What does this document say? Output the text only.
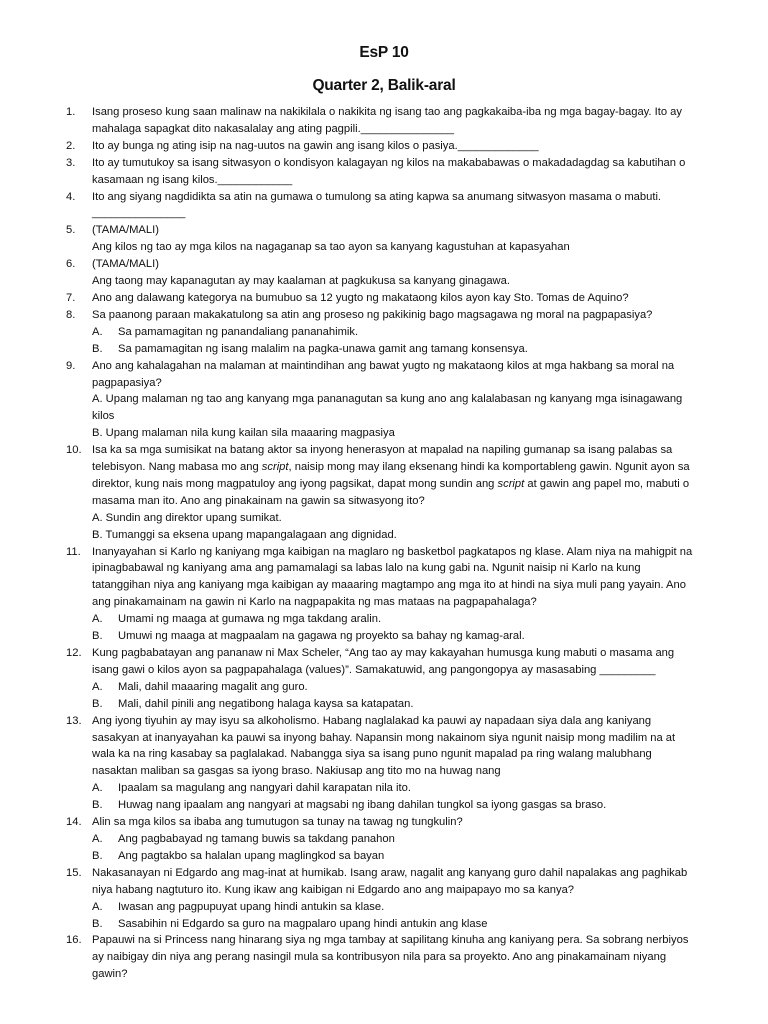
EsP 10
Quarter 2, Balik-aral
1. Isang proseso kung saan malinaw na nakikilala o nakikita ng isang tao ang pagkakaiba-iba ng mga bagay-bagay. Ito ay
mahalaga sapagkat dito nakasalalay ang ating pagpili._______________
2. Ito ay bunga ng ating isip na nag-uutos na gawin ang isang kilos o pasiya._____________
3. Ito ay tumutukoy sa isang sitwasyon o kondisyon kalagayan ng kilos na makababawas o makadadagdag sa kabutihan o
kasamaan ng isang kilos.____________
4. Ito ang siyang nagdidikta sa atin na gumawa o tumulong sa ating kapwa sa anumang sitwasyon masama o mabuti.
_______________
5. (TAMA/MALI)
Ang kilos ng tao ay mga kilos na nagaganap sa tao ayon sa kanyang kagustuhan at kapasyahan
6. (TAMA/MALI)
Ang taong may kapanagutan ay may kaalaman at pagkukusa sa kanyang ginagawa.
7. Ano ang dalawang kategorya na bumubuo sa 12 yugto ng makataong kilos ayon kay Sto. Tomas de Aquino?
8. Sa paanong paraan makakatulong sa atin ang proseso ng pakikinig bago magsagawa ng moral na pagpapasiya?
A. Sa pamamagitan ng panandaliang pananahimik.
B. Sa pamamagitan ng isang malalim na pagka-unawa gamit ang tamang konsensya.
9. Ano ang kahalagahan na malaman at maintindihan ang bawat yugto ng makataong kilos at mga hakbang sa moral na
pagpapasiya?
A. Upang malaman ng tao ang kanyang mga pananagutan sa kung ano ang kalalabasan ng kanyang mga isinagawang
kilos
B. Upang malaman nila kung kailan sila maaaring magpasiya
10. Isa ka sa mga sumisikat na batang aktor sa inyong henerasyon at mapalad na napiling gumanap sa isang palabas sa
telebisyon. Nang mabasa mo ang script, naisip mong may ilang eksenang hindi ka komportableng gawin. Ngunit ayon sa
direktor, kung nais mong magpatuloy ang iyong pagsikat, dapat mong sundin ang script at gawin ang papel mo, mabuti o
masama man ito. Ano ang pinakainam na gawin sa sitwasyong ito?
A. Sundin ang direktor upang sumikat.
B. Tumanggi sa eksena upang mapangalagaan ang dignidad.
11. Inanyayahan si Karlo ng kaniyang mga kaibigan na maglaro ng basketbol pagkatapos ng klase. Alam niya na mahigpit na
ipinagbabawal ng kaniyang ama ang pamamalagi sa labas lalo na kung gabi na. Ngunit naisip ni Karlo na kung
tatanggihan niya ang kaniyang mga kaibigan ay maaaring magtampo ang mga ito at hindi na siya muli pang yayain. Ano
ang pinakamainam na gawin ni Karlo na nagpapakita ng mas mataas na pagpapahalaga?
A. Umami ng maaga at gumawa ng mga takdang aralin.
B. Umuwi ng maaga at magpaalam na gagawa ng proyekto sa bahay ng kamag-aral.
12. Kung pagbabatayan ang pananaw ni Max Scheler, “Ang tao ay may kakayahan humusga kung mabuti o masama ang
isang gawi o kilos ayon sa pagpapahalaga (values)”. Samakatuwid, ang pangongopya ay masasabing _________
A. Mali, dahil maaaring magalit ang guro.
B. Mali, dahil pinili ang negatibong halaga kaysa sa katapatan.
13. Ang iyong tiyuhin ay may isyu sa alkoholismo. Habang naglalakad ka pauwi ay napadaan siya dala ang kaniyang
sasakyan at inanyayahan ka pauwi sa inyong bahay. Napansin mong nakainom siya ngunit naisip mong madilim na at
wala ka na ring kasabay sa paglalakad. Nabangga siya sa isang puno ngunit mapalad pa ring walang malubhang
nasaktan maliban sa gasgas sa iyong braso. Nakiusap ang tito mo na huwag nang
A. Ipaalam sa magulang ang nangyari dahil karapatan nila ito.
B. Huwag nang ipaalam ang nangyari at magsabi ng ibang dahilan tungkol sa iyong gasgas sa braso.
14. Alin sa mga kilos sa ibaba ang tumutugon sa tunay na tawag ng tungkulin?
A. Ang pagbabayad ng tamang buwis sa takdang panahon
B. Ang pagtakbo sa halalan upang maglingkod sa bayan
15. Nakasanayan ni Edgardo ang mag-inat at humikab. Isang araw, nagalit ang kanyang guro dahil napalakas ang paghikab
niya habang nagtuturo ito. Kung ikaw ang kaibigan ni Edgardo ano ang maipapayo mo sa kanya?
A. Iwasan ang pagpupuyat upang hindi antukin sa klase.
B. Sasabihin ni Edgardo sa guro na magpalaro upang hindi antukin ang klase
16. Papauwi na si Princess nang hinarang siya ng mga tambay at sapilitang kinuha ang kaniyang pera. Sa sobrang nerbiyos
ay naibigay din niya ang perang nasingil mula sa kontribusyon nila para sa proyekto. Ano ang pinakamainam niyang
gawin?
